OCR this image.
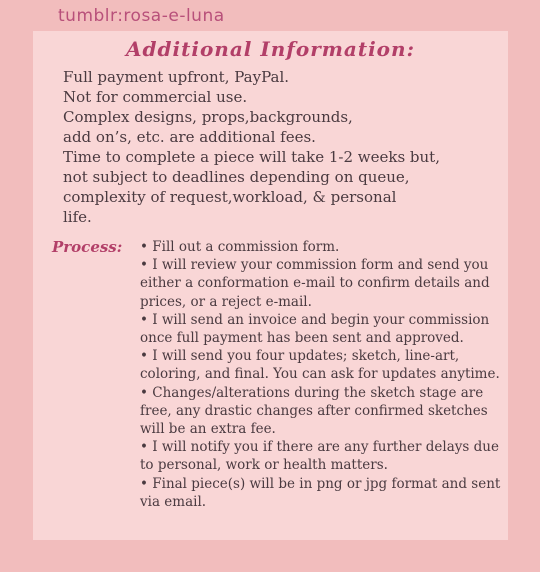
tumblr:rosa-e-luna
Additional Information:
Full payment upfront, PayPal.
Not for commercial use.
Complex designs, props,backgrounds,
add on’s, etc. are additional fees.
Time to complete a piece will take 1-2 weeks but,
not subject to deadlines depending on queue,
complexity of request,workload, & personal
life.
Process: • Fill out a commission form.
• I will review your commission form and send you either a conformation e-mail to confirm details and prices, or a reject e-mail.
• I will send an invoice and begin your commission once full payment has been sent and approved.
• I will send you four updates; sketch, line-art, coloring, and final. You can ask for updates anytime.
• Changes/alterations during the sketch stage are free, any drastic changes after confirmed sketches will be an extra fee.
• I will notify you if there are any further delays due to personal, work or health matters.
• Final piece(s) will be in png or jpg format and sent via email.
